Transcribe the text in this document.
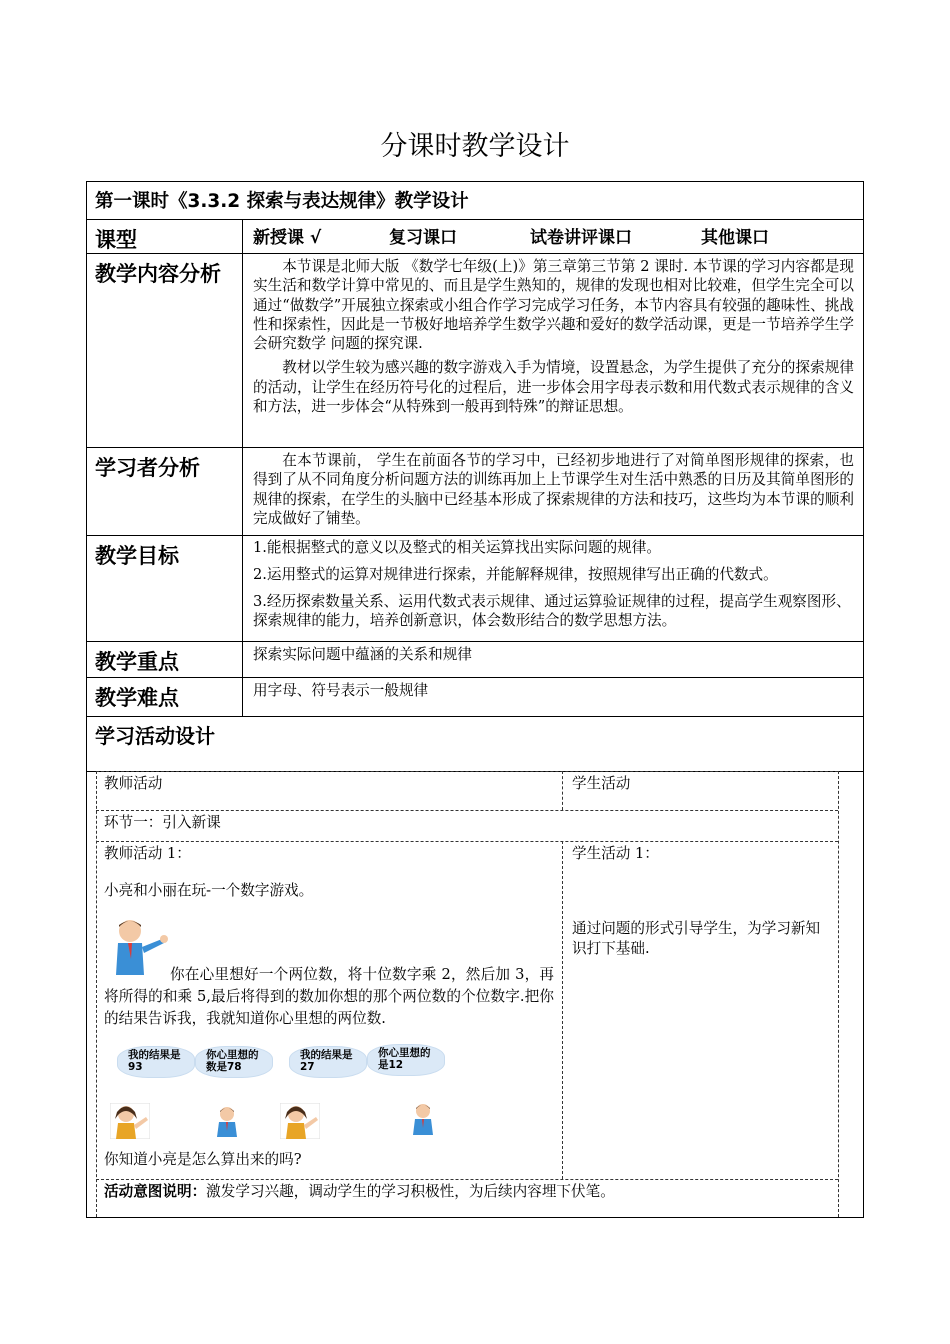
分课时教学设计
第一课时《3.3.2 探索与表达规律》教学设计
课型	新授课 √	复习课口	试卷讲评课口	其他课口
教学内容分析	本节课是北师大版 《数学七年级(上)》第三章第三节第 2 课时. 本节课的学习内容都是现实生活和数学计算中常见的、而且是学生熟知的，规律的发现也相对比较难，但学生完全可以通过“做数学”开展独立探索或小组合作学习完成学习任务，本节内容具有较强的趣味性、挑战性和探索性，因此是一节极好地培养学生数学兴趣和爱好的数学活动课，更是一节培养学生学会研究数学 问题的探究课.

教材以学生较为感兴趣的数字游戏入手为情境，设置悬念，为学生提供了充分的探索规律的活动，让学生在经历符号化的过程后，进一步体会用字母表示数和用代数式表示规律的含义和方法，进一步体会“从特殊到一般再到特殊”的辩证思想。

学习者分析	在本节课前， 学生在前面各节的学习中，已经初步地进行了对简单图形规律的探索，也得到了从不同角度分析问题方法的训练再加上上节课学生对生活中熟悉的日历及其简单图形的规律的探索，在学生的头脑中已经基本形成了探索规律的方法和技巧，这些均为本节课的顺利完成做好了铺垫。

教学目标	1.能根据整式的意义以及整式的相关运算找出实际问题的规律。
2.运用整式的运算对规律进行探索，并能解释规律，按照规律写出正确的代数式。
3.经历探索数量关系、运用代数式表示规律、通过运算验证规律的过程，提高学生观察图形、探索规律的能力，培养创新意识，体会数形结合的数学思想方法。
教学重点	探索实际问题中蕴涵的关系和规律
教学难点	用字母、符号表示一般规律
学习活动设计
教师活动	学生活动
环节一：引入新课
教师活动 1：
小亮和小丽在玩-一个数字游戏。
你在心里想好一个两位数，将十位数字乘 2，然后加 3，再将所得的和乘 5,最后将得到的数加你想的那个两位数的个位数字.把你的结果告诉我，我就知道你心里想的两位数.
我的结果是
93
你心里想的
数是78
我的结果是
27
你心里想的
是12
你知道小亮是怎么算出来的吗?
学生活动 1：
通过问题的形式引导学生，为学习新知识打下基础.
活动意图说明：激发学习兴趣，调动学生的学习积极性，为后续内容埋下伏笔。
